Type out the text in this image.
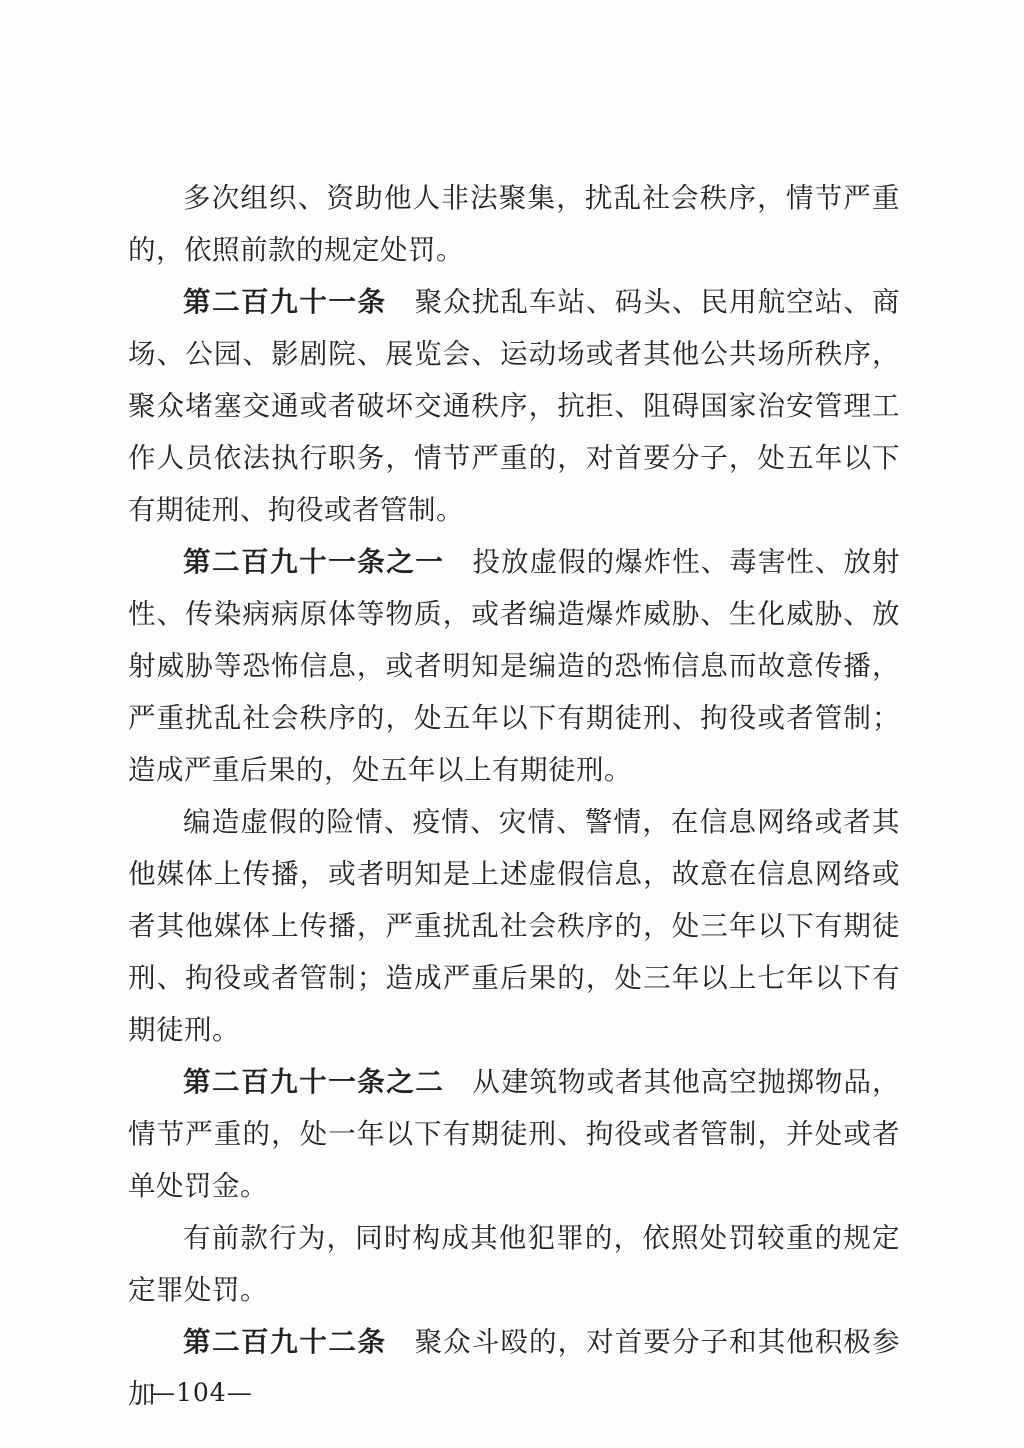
多次组织、资助他人非法聚集，扰乱社会秩序，情节严重的，依照前款的规定处罚。

第二百九十一条 聚众扰乱车站、码头、民用航空站、商场、公园、影剧院、展览会、运动场或者其他公共场所秩序，聚众堵塞交通或者破坏交通秩序，抗拒、阻碍国家治安管理工作人员依法执行职务，情节严重的，对首要分子，处五年以下有期徒刑、拘役或者管制。

第二百九十一条之一 投放虚假的爆炸性、毒害性、放射性、传染病病原体等物质，或者编造爆炸威胁、生化威胁、放射威胁等恐怖信息，或者明知是编造的恐怖信息而故意传播，严重扰乱社会秩序的，处五年以下有期徒刑、拘役或者管制；造成严重后果的，处五年以上有期徒刑。

编造虚假的险情、疫情、灾情、警情，在信息网络或者其他媒体上传播，或者明知是上述虚假信息，故意在信息网络或者其他媒体上传播，严重扰乱社会秩序的，处三年以下有期徒刑、拘役或者管制；造成严重后果的，处三年以上七年以下有期徒刑。

第二百九十一条之二 从建筑物或者其他高空抛掷物品，情节严重的，处一年以下有期徒刑、拘役或者管制，并处或者单处罚金。

有前款行为，同时构成其他犯罪的，依照处罚较重的规定定罪处罚。

第二百九十二条 聚众斗殴的，对首要分子和其他积极参加

—104—
